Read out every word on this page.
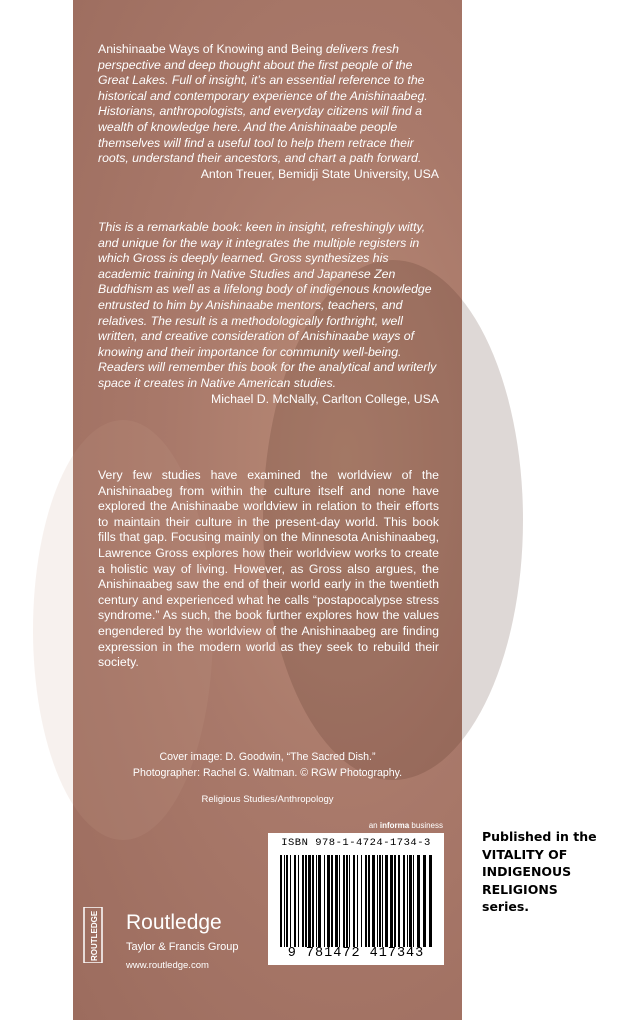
Anishinaabe Ways of Knowing and Being delivers fresh perspective and deep thought about the first people of the Great Lakes. Full of insight, it’s an essential reference to the historical and contemporary experience of the Anishinaabeg. Historians, anthropologists, and everyday citizens will find a wealth of knowledge here. And the Anishinaabe people themselves will find a useful tool to help them retrace their roots, understand their ancestors, and chart a path forward.
Anton Treuer, Bemidji State University, USA
This is a remarkable book: keen in insight, refreshingly witty, and unique for the way it integrates the multiple registers in which Gross is deeply learned. Gross synthesizes his academic training in Native Studies and Japanese Zen Buddhism as well as a lifelong body of indigenous knowledge entrusted to him by Anishinaabe mentors, teachers, and relatives. The result is a methodologically forthright, well written, and creative consideration of Anishinaabe ways of knowing and their importance for community well-being. Readers will remember this book for the analytical and writerly space it creates in Native American studies.
Michael D. McNally, Carlton College, USA
Very few studies have examined the worldview of the Anishinaabeg from within the culture itself and none have explored the Anishinaabe worldview in relation to their efforts to maintain their culture in the present-day world. This book fills that gap. Focusing mainly on the Minnesota Anishinaabeg, Lawrence Gross explores how their worldview works to create a holistic way of living. However, as Gross also argues, the Anishinaabeg saw the end of their world early in the twentieth century and experienced what he calls “postapocalypse stress syndrome.” As such, the book further explores how the values engendered by the worldview of the Anishinaabeg are finding expression in the modern world as they seek to rebuild their society.
Cover image: D. Goodwin, “The Sacred Dish.”
Photographer: Rachel G. Waltman. © RGW Photography.
Religious Studies/Anthropology
an informa business
ISBN 978-1-4724-1734-3
9 781472 417343
ROUTLEDGE Routledge
Taylor & Francis Group
www.routledge.com
Published in the
VITALITY OF
INDIGENOUS
RELIGIONS
series.
